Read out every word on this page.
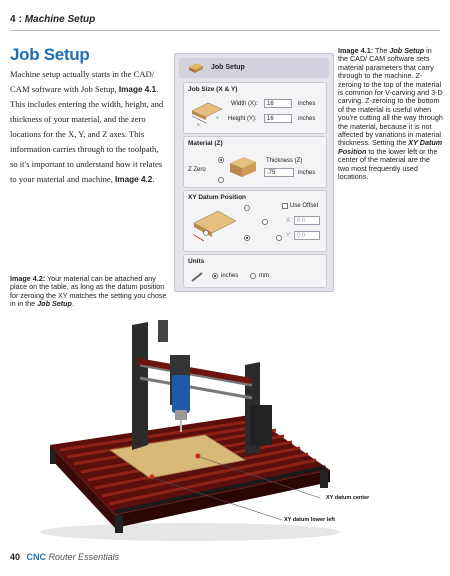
4 : Machine Setup
Job Setup
Machine setup actually starts in the CAD/ CAM software with Job Setup, Image 4.1. This includes entering the width, height, and thickness of your material, and the zero locations for the X, Y, and Z axes. This information carries through to the toolpath, so it's important to understand how it relates to your material and machine, Image 4.2.
Job Setup
Job Size (X & Y)
X
Y
Width (X):	16	inches
Height (Y):	16	inches
Material (Z)
Z Zero
Thickness (Z)
.75	inches
XY Datum Position
Use Offset
X: 0.0
Y: 0.0
Units
inches	mm
Image 4.1: The Job Setup in the CAD/ CAM software sets material parameters that carry through to the machine. Z-zeroing to the top of the material is common for V-carving and 3-D carving. Z-zeroing to the bottom of the material is useful when you're cutting all the way through the material, because it is not affected by variations in material thickness. Setting the XY Datum Position to the lower left or the center of the material are the two most frequently used locations.
Image 4.2: Your material can be attached any place on the table, as long as the datum position for zeroing the XY matches the setting you chose in in the Job Setup.
XY datum center
XY datum lower left
40 CNC Router Essentials
